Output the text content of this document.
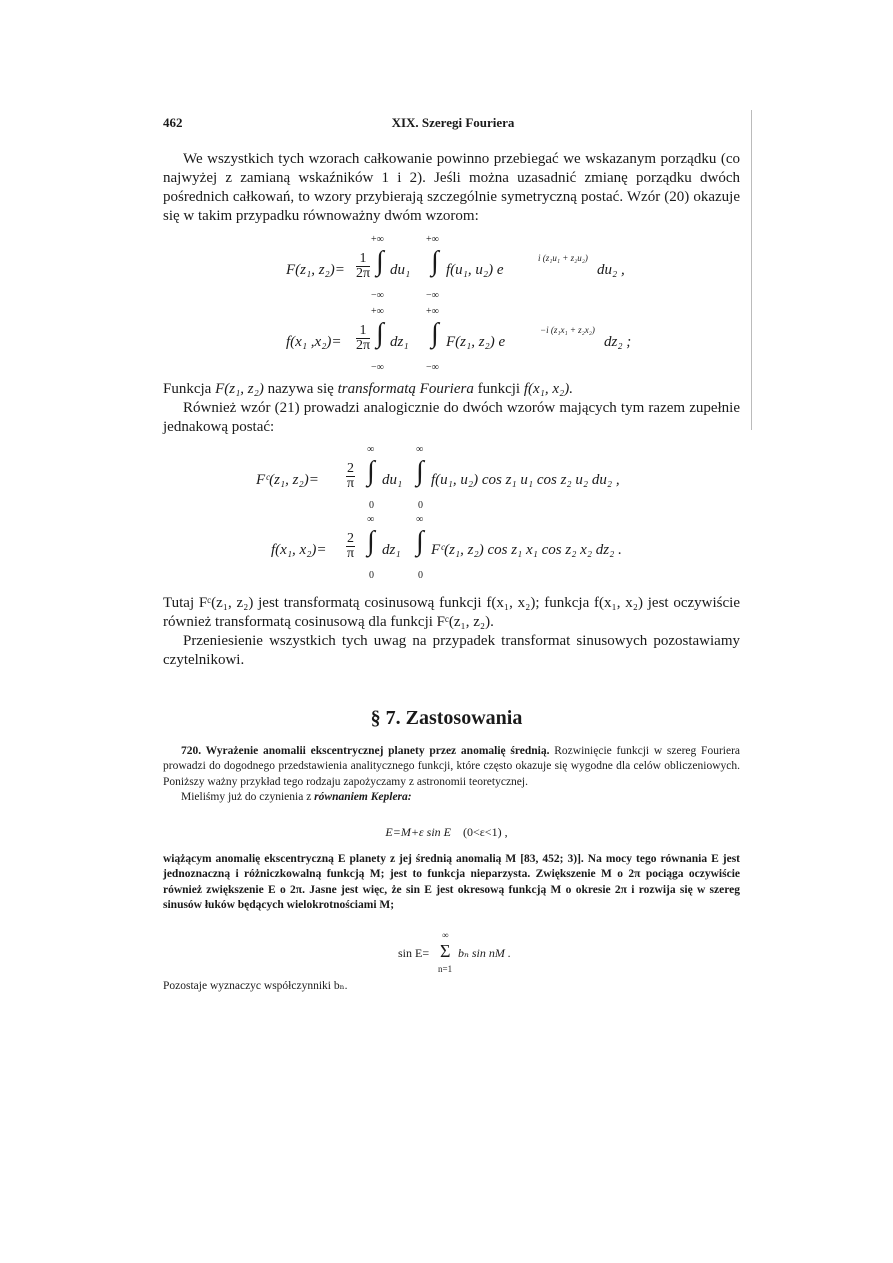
462	XIX. Szeregi Fouriera
We wszystkich tych wzorach całkowanie powinno przebiegać we wskazanym porządku (co najwyżej z zamianą wskaźników 1 i 2). Jeśli można uzasadnić zmianę porządku dwóch pośrednich całkowań, to wzory przybierają szczególnie symetryczną postać. Wzór (20) okazuje się w takim przypadku równoważny dwóm wzorom:
F(z₁, $z_2)= \frac{1}{2\pi}$
+∞
∫
−∞
du₁
+∞
∫
−∞
f(u₁, u₂) e
i (z₁u₁ + z₂u₂)
du₂ ,
f(x₁ $,x_2)= \frac{1}{2\pi}$
+∞
∫
−∞
dz₁
+∞
∫
−∞
F(z₁, z₂) e
−i (z₁x₁ + z₂x₂)
dz₂ ;
Funkcja F(z₁, z₂) nazywa się transformatą Fouriera funkcji f(x₁, x₂).
Również wzór (21) prowadzi analogicznie do dwóch wzorów mających tym razem zupełnie jednakową postać:
Fᶜ(z₁, $z_2)= \frac{2}{\pi}$
∞
∫
0
du₁
∞
∫
0
f(u₁, u₂) cos z₁ u₁ cos z₂ u₂ du₂ ,
f(x₁, $x_2)= \frac{2}{\pi}$
∞
∫
0
dz₁
∞
∫
0
Fᶜ(z₁, z₂) cos z₁ x₁ cos z₂ x₂ dz₂ .
Tutaj Fᶜ(z₁, z₂) jest transformatą cosinusową funkcji f(x₁, x₂); funkcja f(x₁, x₂) jest oczywiście również transformatą cosinusową dla funkcji Fᶜ(z₁, z₂).
Przeniesienie wszystkich tych uwag na przypadek transformat sinusowych pozostawiamy czytelnikowi.
§ 7. Zastosowania
720. Wyrażenie anomalii ekscentrycznej planety przez anomalię średnią. Rozwinięcie funkcji w szereg Fouriera prowadzi do dogodnego przedstawienia analitycznego funkcji, które często okazuje się wygodne dla celów obliczeniowych. Poniższy ważny przykład tego rodzaju zapożyczamy z astronomii teoretycznej.
Mieliśmy już do czynienia z równaniem Keplera:
E=M+ε sin E (0<ε<1) ,
wiążącym anomalię ekscentryczną E planety z jej średnią anomalią M [83, 452; 3)]. Na mocy tego równania E jest jednoznaczną i różniczkowalną funkcją M; jest to funkcja nieparzysta. Zwiększenie M o 2π pociąga oczywiście również zwiększenie E o 2π. Jasne jest więc, że sin E jest okresową funkcją M o okresie 2π i rozwija się w szereg sinusów łuków będących wielokrotnościami M;
sin E=
∞
Σ
n=1
bₙ sin nM .
Pozostaje wyznaczyc współczynniki bₙ.
